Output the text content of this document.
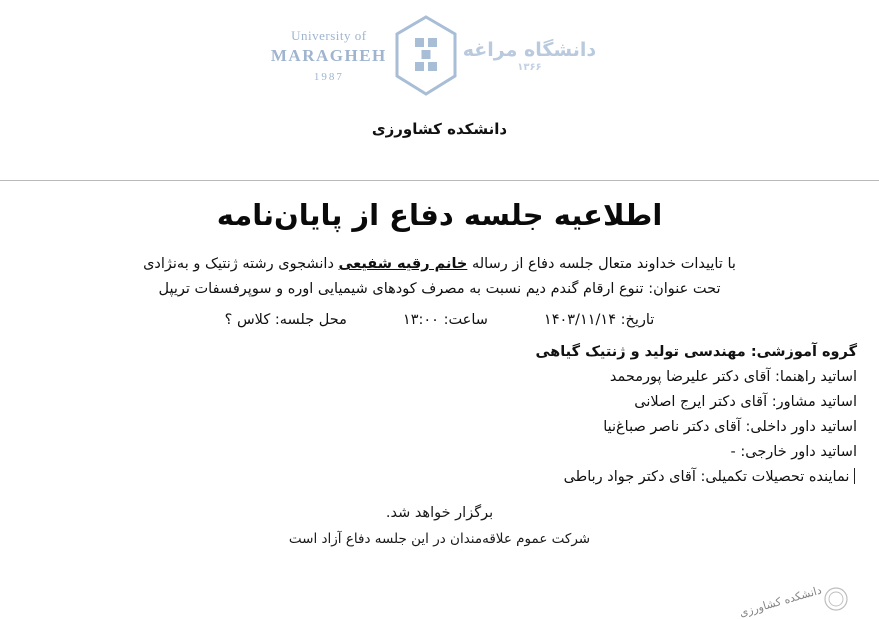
University of
MARAGHEH
1987
دانشگاه مراغه
۱۳۶۶
دانشکده کشاورزی
اطلاعیه جلسه دفاع از پایان‌نامه
با تاییدات خداوند متعال جلسه دفاع از رساله خانم رقیه شفیعی دانشجوی رشته ژنتیک و به‌نژادی
تحت عنوان: تنوع ارقام گندم دیم نسبت به مصرف کودهای شیمیایی اوره و سوپرفسفات تریپل
تاریخ: ۱۴۰۳/۱۱/۱۴
ساعت: ۱۳:۰۰
محل جلسه: کلاس ؟
گروه آموزشی: مهندسی تولید و ژنتیک گیاهی
اساتید راهنما: آقای دکتر علیرضا پورمحمد
اساتید مشاور: آقای دکتر ایرج اصلانی
اساتید داور داخلی: آقای دکتر ناصر صباغ‌نیا
اساتید داور خارجی: -
نماینده تحصیلات تکمیلی: آقای دکتر جواد رباطی
برگزار خواهد شد.
شرکت عموم علاقه‌مندان در این جلسه دفاع آزاد است
دانشکده کشاورزی
